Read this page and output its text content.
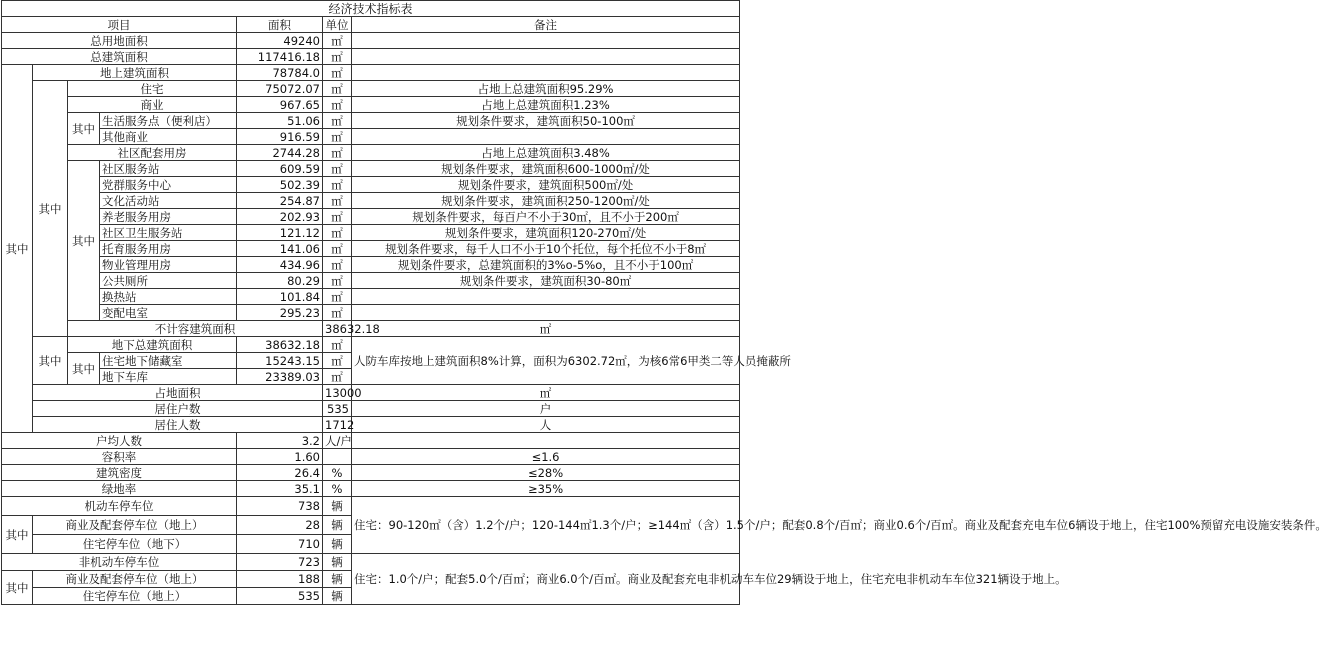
经济技术指标表							
项目				面积	单位	备注	
总用地面积				49240	㎡		
总建筑面积				117416.18	㎡		
其中	地上建筑面积			78784.0	㎡		
	其中	住宅		75072.07	㎡	占地上总建筑面积95.29%	
		商业		967.65	㎡	占地上总建筑面积1.23%	
		其中	生活服务点（便利店）	51.06	㎡	规划条件要求，建筑面积50-100㎡	
			其他商业	916.59	㎡		
		社区配套用房		2744.28	㎡	占地上总建筑面积3.48%	
		其中	社区服务站	609.59	㎡	规划条件要求，建筑面积600-1000㎡/处	
			党群服务中心	502.39	㎡	规划条件要求，建筑面积500㎡/处	
			文化活动站	254.87	㎡	规划条件要求，建筑面积250-1200㎡/处	
			养老服务用房	202.93	㎡	规划条件要求，每百户不小于30㎡，且不小于200㎡	
			社区卫生服务站	121.12	㎡	规划条件要求，建筑面积120-270㎡/处	
			托育服务用房	141.06	㎡	规划条件要求，每千人口不小于10个托位，每个托位不小于8㎡	
			物业管理用房	434.96	㎡	规划条件要求，总建筑面积的3%o-5%o，且不小于100㎡	
			公共厕所	80.29	㎡	规划条件要求，建筑面积30-80㎡	
			换热站	101.84	㎡		
			变配电室	295.23	㎡		
		不计容建筑面积			38632.18	㎡	
	其中	地下总建筑面积		38632.18	㎡	人防车库按地上建筑面积8%计算，面积为6302.72㎡，为核6常6甲类二等人员掩蔽所	
		其中	住宅地下储藏室	15243.15	㎡		
			地下车库	23389.03	㎡		
	占地面积				13000	㎡	
	居住户数				535	户	
	居住人数				1712	人	
户均人数				3.2	人/户		
容积率				1.60		≤1.6	
建筑密度				26.4	%	≤28%	
绿地率				35.1	%	≥35%	
机动车停车位				738	辆	住宅：90-120㎡（含）1.2个/户；120-144㎡1.3个/户；≥144㎡（含）1.5个/户；配套0.8个/百㎡；商业0.6个/百㎡。商业及配套充电车位6辆设于地上，住宅100%预留充电设施安装条件。	
其中	商业及配套停车位（地上）			28	辆		
	住宅停车位（地下）			710	辆		
非机动车停车位				723	辆	住宅：1.0个/户；配套5.0个/百㎡；商业6.0个/百㎡。商业及配套充电非机动车车位29辆设于地上，住宅充电非机动车车位321辆设于地上。	
其中	商业及配套停车位（地上）			188	辆		
	住宅停车位（地上）			535	辆		
